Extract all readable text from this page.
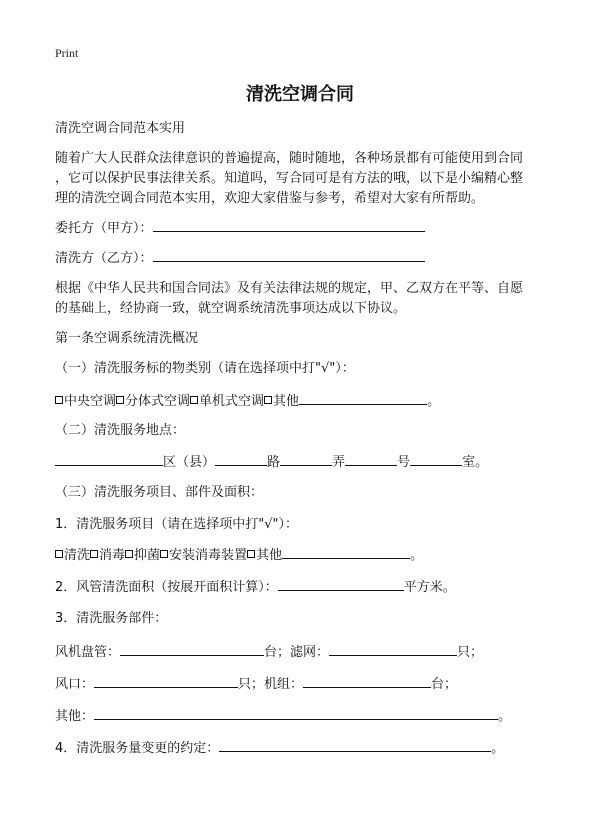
Print
清洗空调合同
清洗空调合同范本实用
随着广大人民群众法律意识的普遍提高，随时随地，各种场景都有可能使用到合同
，它可以保护民事法律关系。知道吗，写合同可是有方法的哦，以下是小编精心整
理的清洗空调合同范本实用，欢迎大家借鉴与参考，希望对大家有所帮助。
委托方（甲方）：
清洗方（乙方）：
根据《中华人民共和国合同法》及有关法律法规的规定，甲、乙双方在平等、自愿
的基础上，经协商一致，就空调系统清洗事项达成以下协议。
第一条空调系统清洗概况
（一）清洗服务标的物类别（请在选择项中打"√"）：
中央空调 分体式空调 单机式空调 其他	。
（二）清洗服务地点：
区（县）	路	弄	号	室。
（三）清洗服务项目、部件及面积：
1．清洗服务项目（请在选择项中打"√"）：
清洗 消毒 抑菌 安装消毒装置 其他	。
2．风管清洗面积（按展开面积计算）：	平方米。
3．清洗服务部件：
风机盘管：	台；滤网：	只；
风口：	只；机组：	台；
其他：	。
4．清洗服务量变更的约定：	。
